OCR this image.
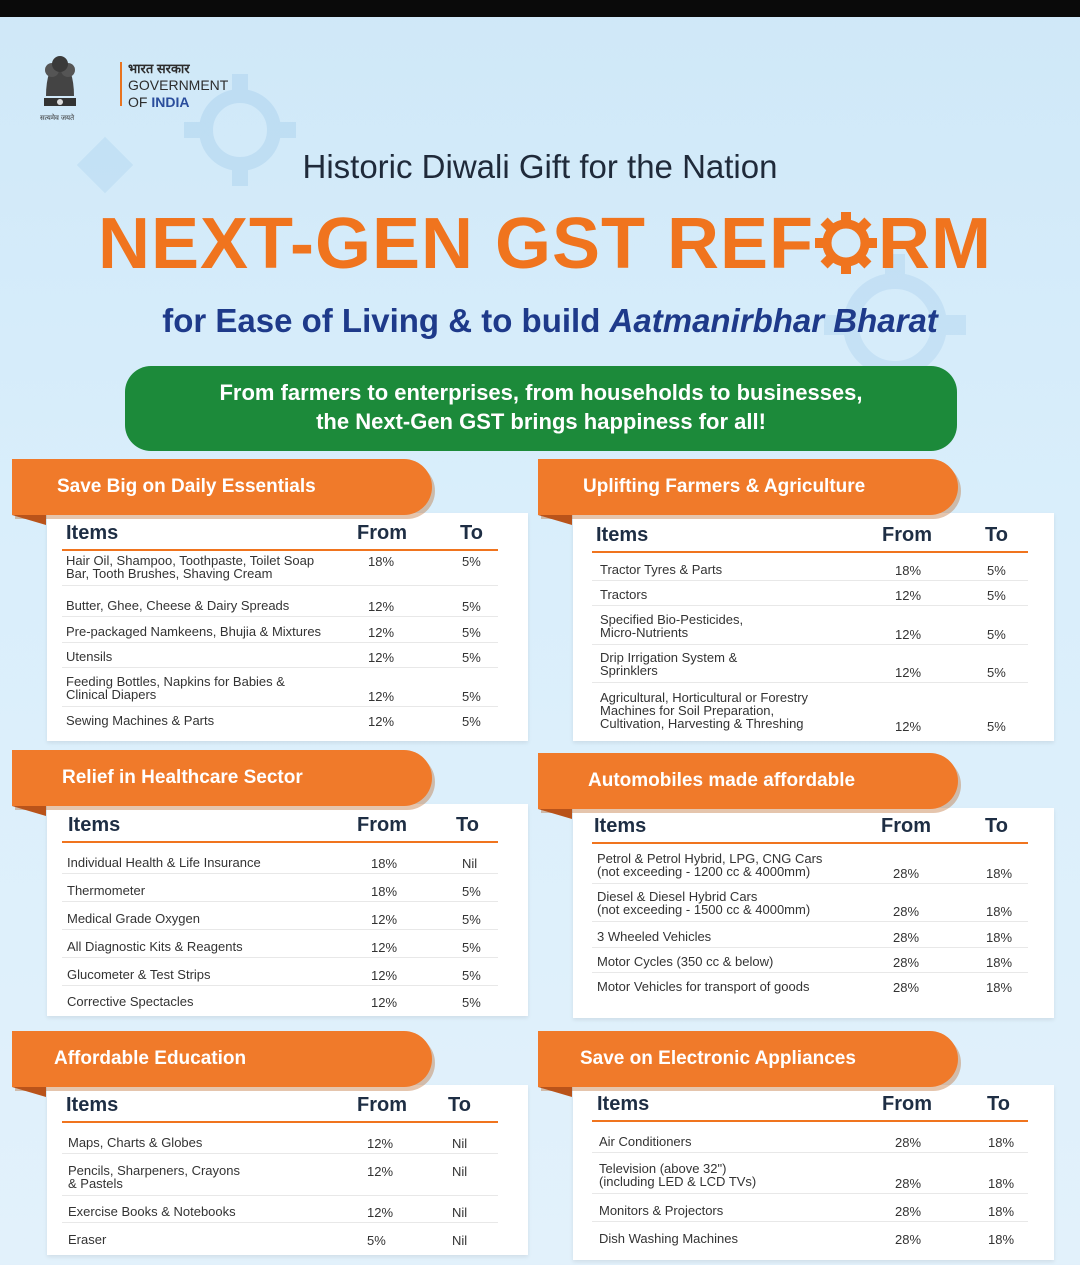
भारत सरकार
GOVERNMENT
OF INDIA
सत्यमेव जयते
Historic Diwali Gift for the Nation
NEXT-GEN GST REF RM
for Ease of Living & to build Aatmanirbhar Bharat
From farmers to enterprises, from households to businesses,
the Next-Gen GST brings happiness for all!
Save Big on Daily Essentials
Items	From	To
Hair Oil, Shampoo, Toothpaste, Toilet Soap
Bar, Tooth Brushes, Shaving Cream
18%	5%
Butter, Ghee, Cheese & Dairy Spreads	12%	5%
Pre-packaged Namkeens, Bhujia & Mixtures	12%	5%
Utensils	12%	5%
Feeding Bottles, Napkins for Babies &
Clinical Diapers	12%	5%
Sewing Machines & Parts	12%	5%
Uplifting Farmers & Agriculture
Items	From	To
Tractor Tyres & Parts	18%	5%
Tractors	12%	5%
Specified Bio-Pesticides,
Micro-Nutrients	12%	5%
Drip Irrigation System &
Sprinklers	12%	5%
Agricultural, Horticultural or Forestry
Machines for Soil Preparation,
Cultivation, Harvesting & Threshing	12%	5%
Relief in Healthcare Sector
Items	From To
Individual Health & Life Insurance	18%	Nil
Thermometer	18%	5%
Medical Grade Oxygen	12%	5%
All Diagnostic Kits & Reagents	12%	5%
Glucometer & Test Strips	12%	5%
Corrective Spectacles	12%	5%
Automobiles made affordable
Items	From	To
Petrol & Petrol Hybrid, LPG, CNG Cars
(not exceeding - 1200 cc & 4000mm)	28%	18%
Diesel & Diesel Hybrid Cars
(not exceeding - 1500 cc & 4000mm)	28%	18%
3 Wheeled Vehicles	28%	18%
Motor Cycles (350 cc & below)	28%	18%
Motor Vehicles for transport of goods	28%	18%
Affordable Education
Items	From To
Maps, Charts & Globes	12%	Nil
Pencils, Sharpeners, Crayons
& Pastels
12%	Nil
Exercise Books & Notebooks	12%	Nil
Eraser	5%	Nil
Save on Electronic Appliances
Items	From	To
Air Conditioners	28%	18%
Television (above 32")
(including LED & LCD TVs)	28%	18%
Monitors & Projectors	28%	18%
Dish Washing Machines	28%	18%
